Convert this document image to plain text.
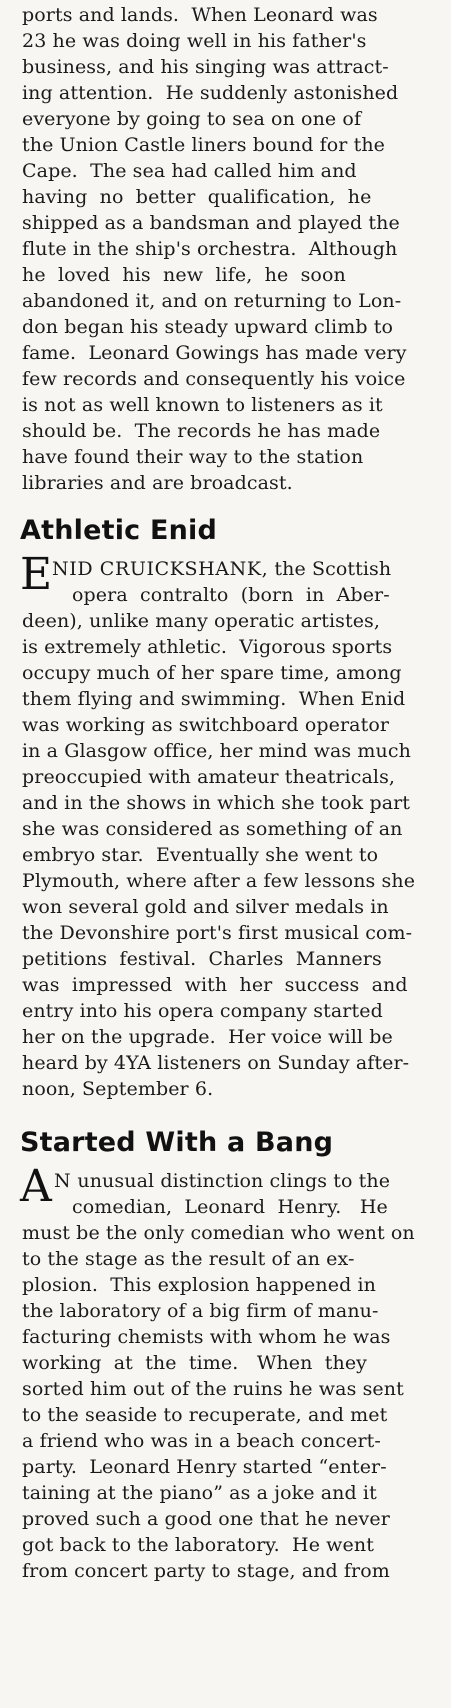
ports and lands.  When Leonard was
23 he was doing well in his father's
business, and his singing was attract-
ing attention.  He suddenly astonished
everyone by going to sea on one of
the Union Castle liners bound for the
Cape.  The sea had called him and
having  no  better  qualification,  he
shipped as a bandsman and played the
flute in the ship's orchestra.  Although
he  loved  his  new  life,  he  soon
abandoned it, and on returning to Lon-
don began his steady upward climb to
fame.  Leonard Gowings has made very
few records and consequently his voice
is not as well known to listeners as it
should be.  The records he has made
have found their way to the station
libraries and are broadcast.
Athletic Enid
E NID CRUICKSHANK, the Scottish
opera  contralto  (born  in  Aber-
deen), unlike many operatic artistes,
is extremely athletic.  Vigorous sports
occupy much of her spare time, among
them flying and swimming.  When Enid
was working as switchboard operator
in a Glasgow office, her mind was much
preoccupied with amateur theatricals,
and in the shows in which she took part
she was considered as something of an
embryo star.  Eventually she went to
Plymouth, where after a few lessons she
won several gold and silver medals in
the Devonshire port's first musical com-
petitions  festival.  Charles  Manners
was  impressed  with  her  success  and
entry into his opera company started
her on the upgrade.  Her voice will be
heard by 4YA listeners on Sunday after-
noon, September 6.
Started With a Bang
A N unusual distinction clings to the
comedian,  Leonard  Henry.   He
must be the only comedian who went on
to the stage as the result of an ex-
plosion.  This explosion happened in
the laboratory of a big firm of manu-
facturing chemists with whom he was
working  at  the  time.   When  they
sorted him out of the ruins he was sent
to the seaside to recuperate, and met
a friend who was in a beach concert-
party.  Leonard Henry started “enter-
taining at the piano” as a joke and it
proved such a good one that he never
got back to the laboratory.  He went
from concert party to stage, and from
